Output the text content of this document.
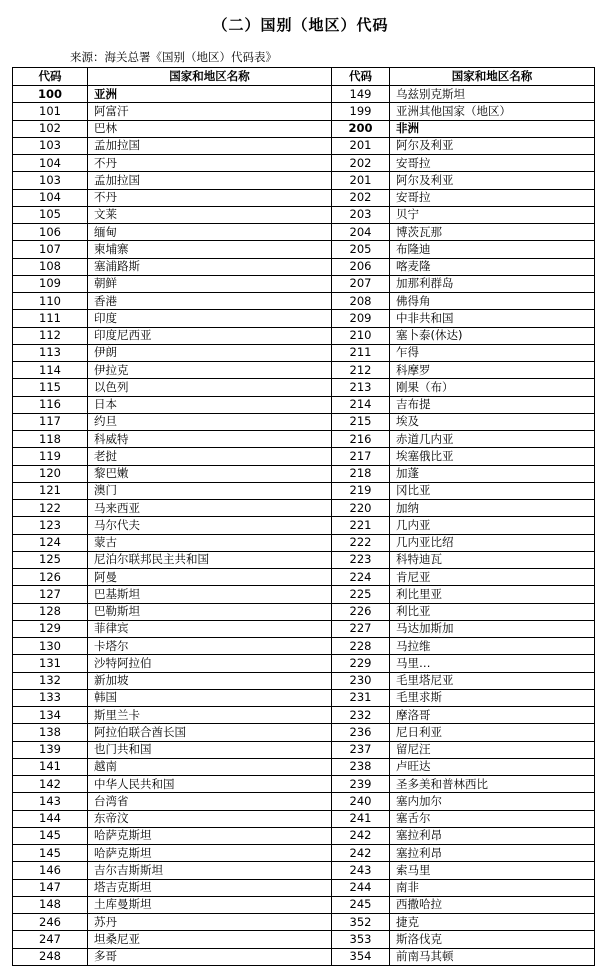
（二）国别（地区）代码
来源：海关总署《国别（地区）代码表》
代码	国家和地区名称	代码	国家和地区名称
100	亚洲	149	乌兹别克斯坦
101	阿富汗	199	亚洲其他国家（地区）
102	巴林	200	非洲
103	孟加拉国	201	阿尔及利亚
104	不丹	202	安哥拉
103	孟加拉国	201	阿尔及利亚
104	不丹	202	安哥拉
105	文莱	203	贝宁
106	缅甸	204	博茨瓦那
107	柬埔寨	205	布隆迪
108	塞浦路斯	206	喀麦隆
109	朝鲜	207	加那利群岛
110	香港	208	佛得角
111	印度	209	中非共和国
112	印度尼西亚	210	塞卜泰(休达)
113	伊朗	211	乍得
114	伊拉克	212	科摩罗
115	以色列	213	刚果（布）
116	日本	214	吉布提
117	约旦	215	埃及
118	科威特	216	赤道几内亚
119	老挝	217	埃塞俄比亚
120	黎巴嫩	218	加蓬
121	澳门	219	冈比亚
122	马来西亚	220	加纳
123	马尔代夫	221	几内亚
124	蒙古	222	几内亚比绍
125	尼泊尔联邦民主共和国	223	科特迪瓦
126	阿曼	224	肯尼亚
127	巴基斯坦	225	利比里亚
128	巴勒斯坦	226	利比亚
129	菲律宾	227	马达加斯加
130	卡塔尔	228	马拉维
131	沙特阿拉伯	229	马里…
132	新加坡	230	毛里塔尼亚
133	韩国	231	毛里求斯
134	斯里兰卡	232	摩洛哥
138	阿拉伯联合酋长国	236	尼日利亚
139	也门共和国	237	留尼汪
141	越南	238	卢旺达
142	中华人民共和国	239	圣多美和普林西比
143	台湾省	240	塞内加尔
144	东帝汶	241	塞舌尔
145	哈萨克斯坦	242	塞拉利昂
145	哈萨克斯坦	242	塞拉利昂
146	吉尔吉斯斯坦	243	索马里
147	塔吉克斯坦	244	南非
148	土库曼斯坦	245	西撒哈拉
246	苏丹	352	捷克
247	坦桑尼亚	353	斯洛伐克
248	多哥	354	前南马其顿
